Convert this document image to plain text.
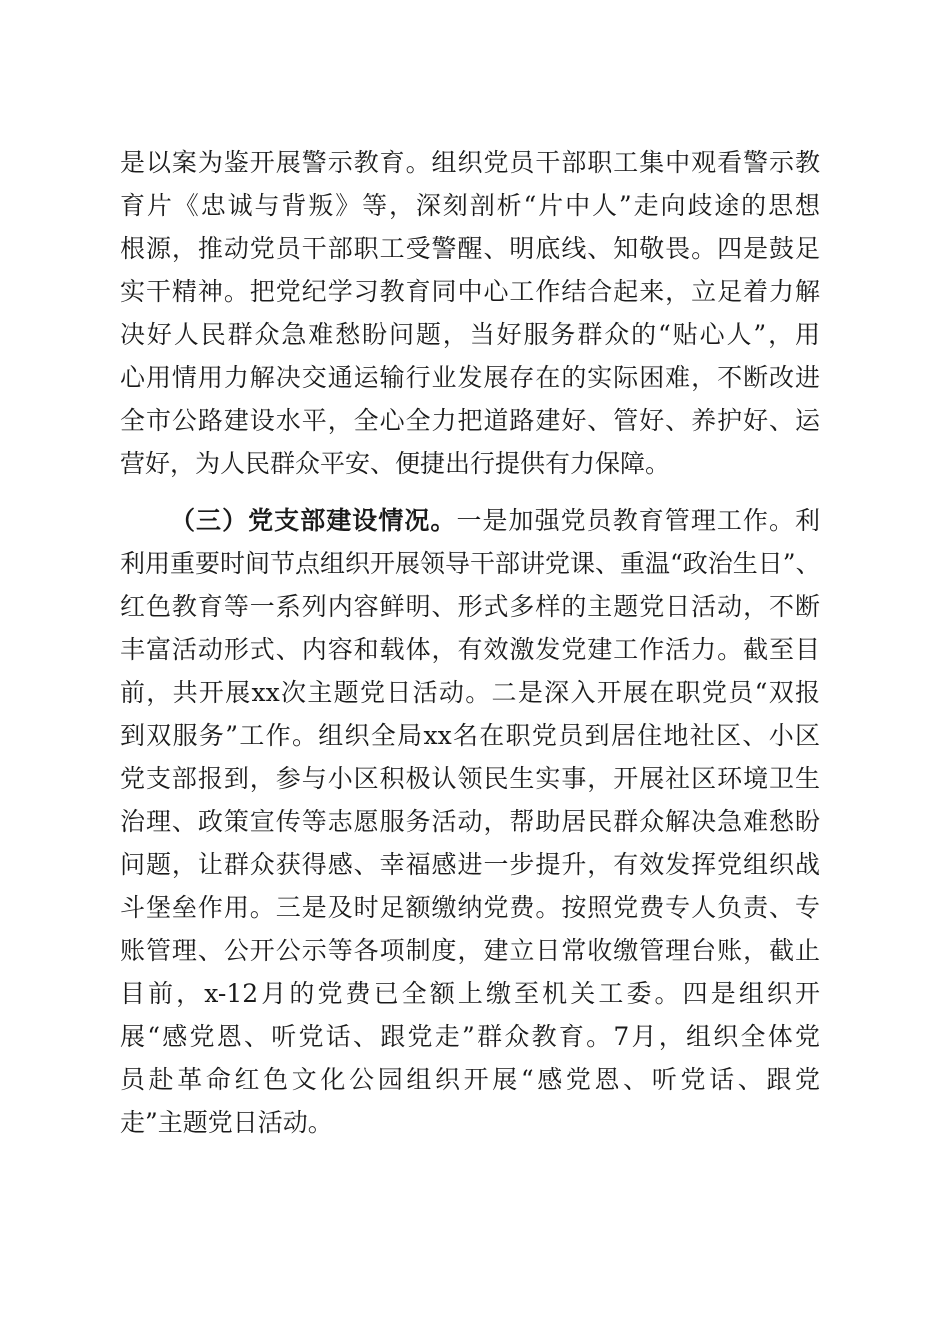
是以案为鉴开展警示教育。组织党员干部职工集中观看警示教
育片《忠诚与背叛》等，深刻剖析“片中人”走向歧途的思想
根源，推动党员干部职工受警醒、明底线、知敬畏。四是鼓足
实干精神。把党纪学习教育同中心工作结合起来，立足着力解
决好人民群众急难愁盼问题，当好服务群众的“贴心人”，用
心用情用力解决交通运输行业发展存在的实际困难，不断改进
全市公路建设水平，全心全力把道路建好、管好、养护好、运
营好，为人民群众平安、便捷出行提供有力保障。
（三）党支部建设情况。一是加强党员教育管理工作。利
利用重要时间节点组织开展领导干部讲党课、重温“政治生日”、
红色教育等一系列内容鲜明、形式多样的主题党日活动，不断
丰富活动形式、内容和载体，有效激发党建工作活力。截至目
前，共开展xx次主题党日活动。二是深入开展在职党员“双报
到双服务”工作。组织全局xx名在职党员到居住地社区、小区
党支部报到，参与小区积极认领民生实事，开展社区环境卫生
治理、政策宣传等志愿服务活动，帮助居民群众解决急难愁盼
问题，让群众获得感、幸福感进一步提升，有效发挥党组织战
斗堡垒作用。三是及时足额缴纳党费。按照党费专人负责、专
账管理、公开公示等各项制度，建立日常收缴管理台账，截止
目前，x-12月的党费已全额上缴至机关工委。四是组织开
展“感党恩、听党话、跟党走”群众教育。7月，组织全体党
员赴革命红色文化公园组织开展“感党恩、听党话、跟党
走”主题党日活动。
